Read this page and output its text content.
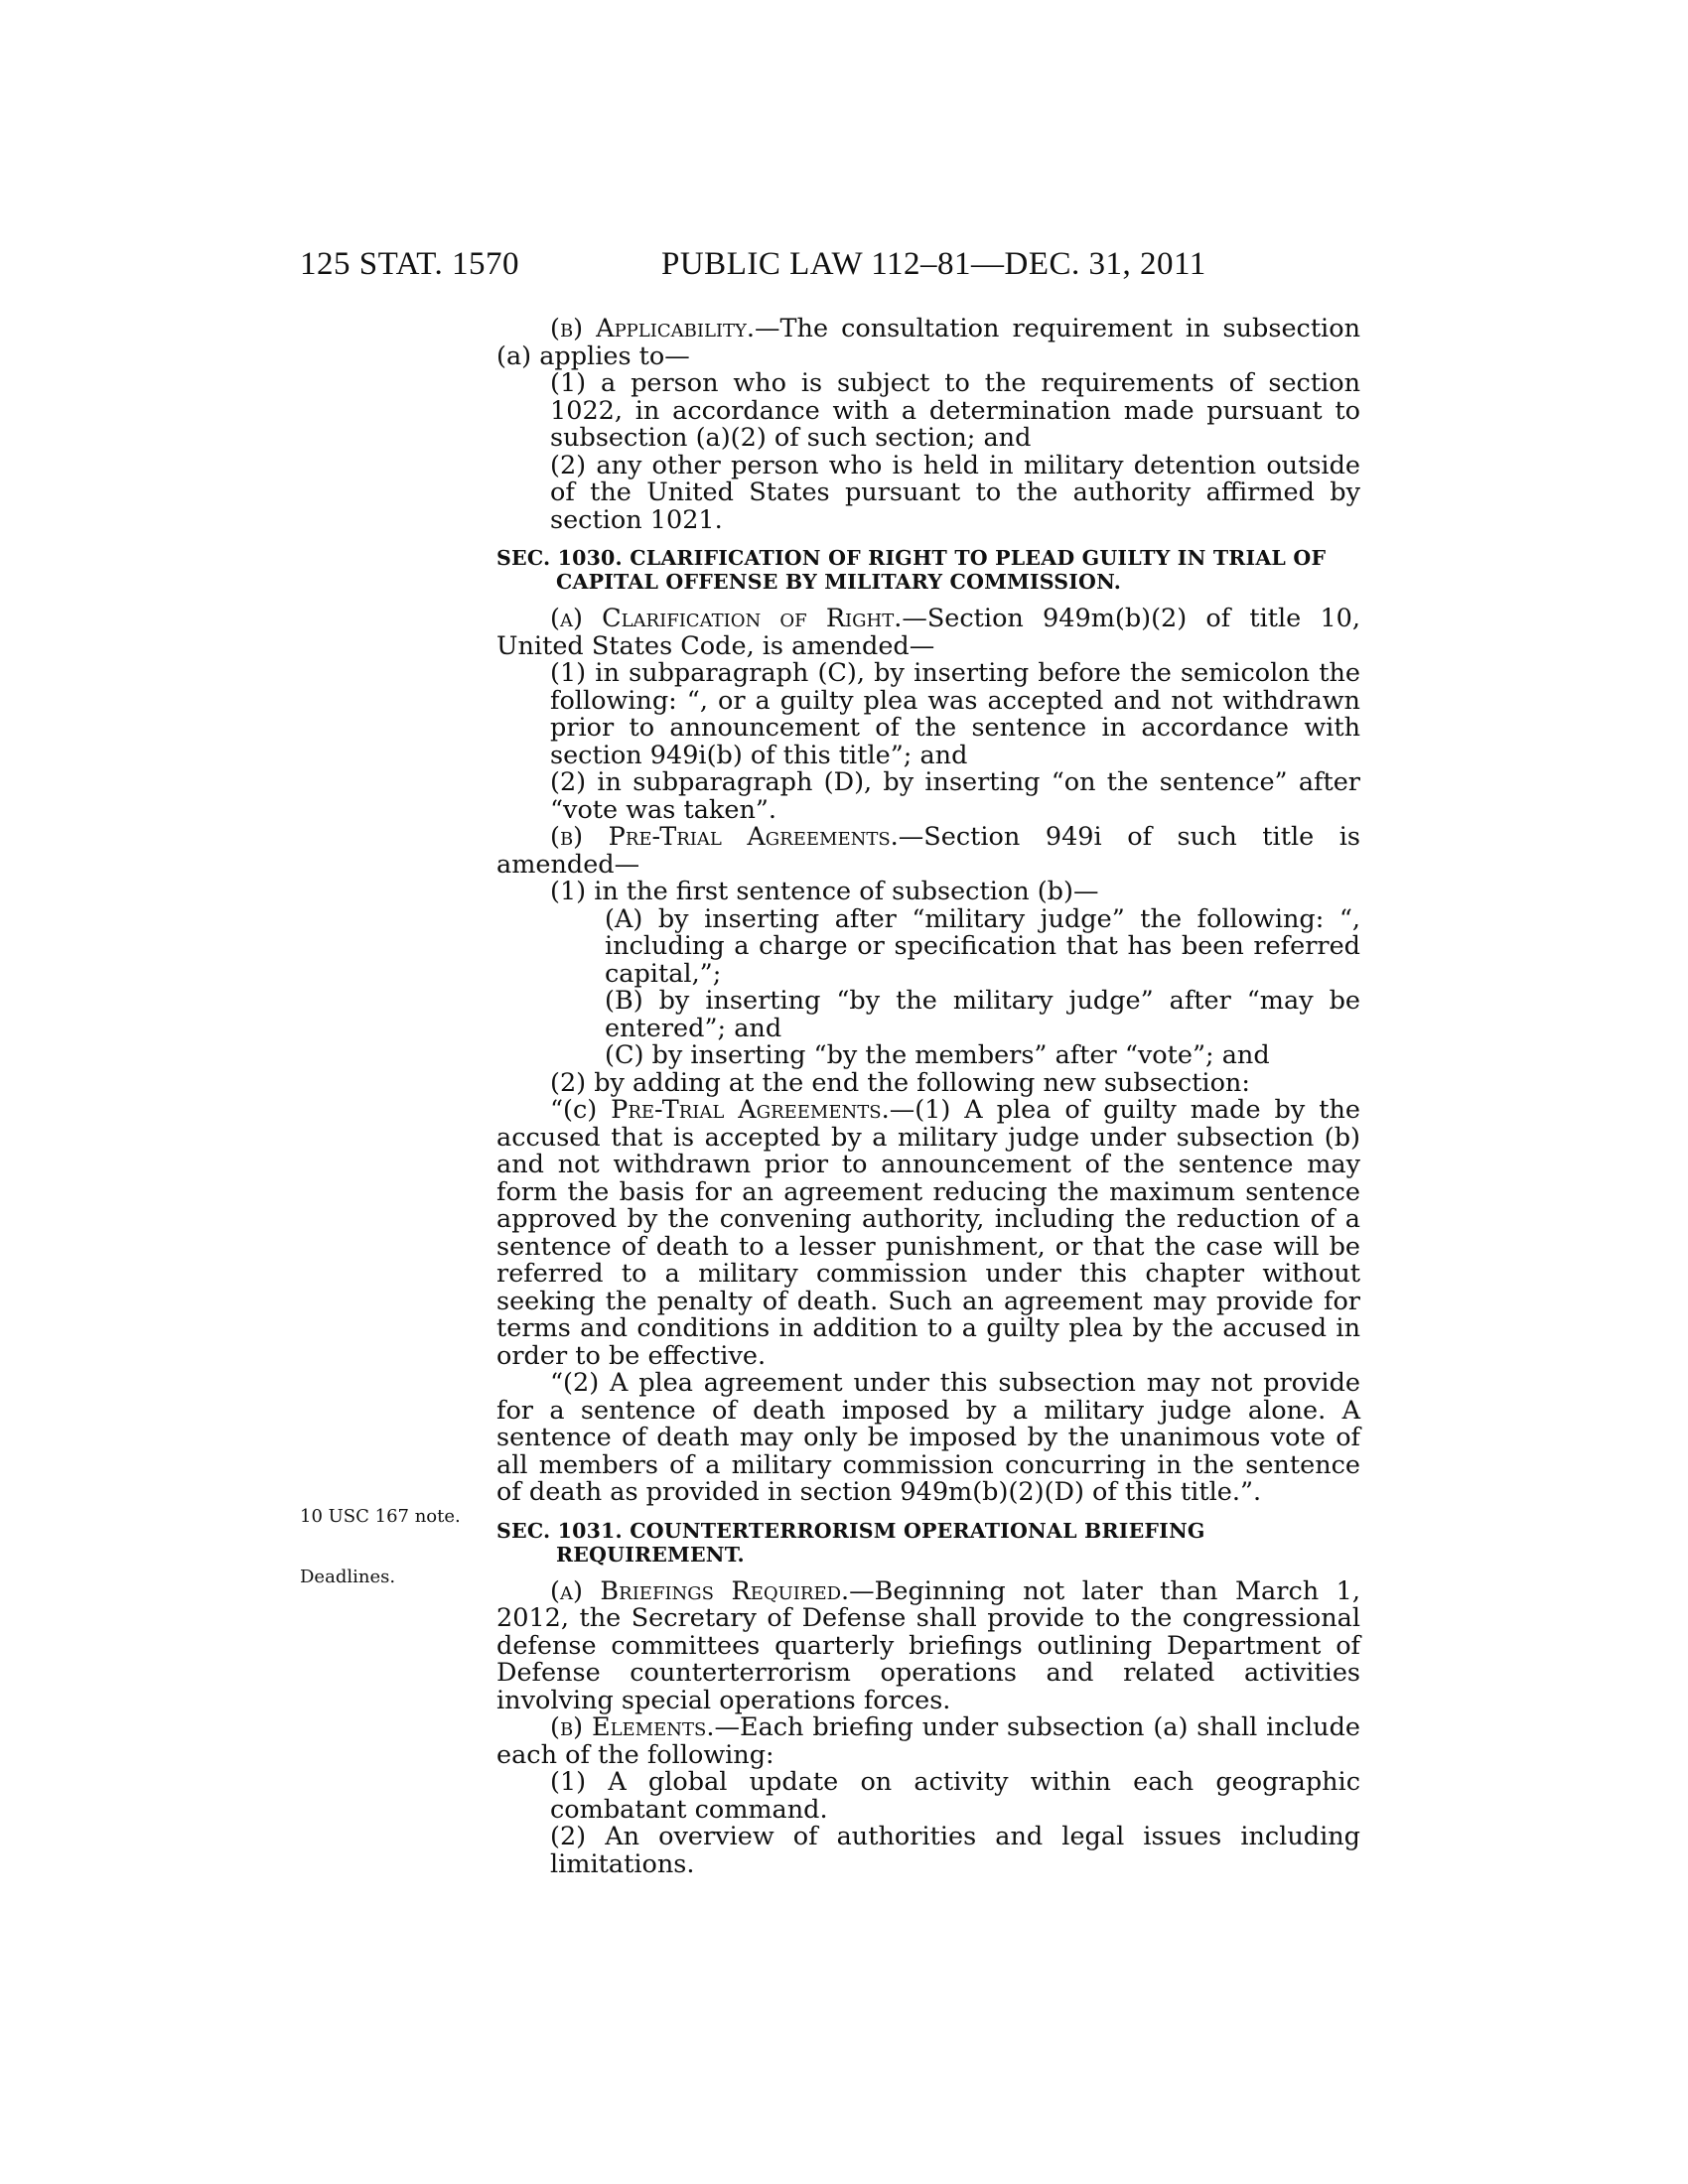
125 STAT. 1570	PUBLIC LAW 112–81—DEC. 31, 2011
10 USC 167 note.
Deadlines.

(b) Applicability.—The consultation requirement in subsection (a) applies to—

(1) a person who is subject to the requirements of section 1022, in accordance with a determination made pursuant to subsection (a)(2) of such section; and

(2) any other person who is held in military detention outside of the United States pursuant to the authority affirmed by section 1021.

SEC. 1030. CLARIFICATION OF RIGHT TO PLEAD GUILTY IN TRIAL OF CAPITAL OFFENSE BY MILITARY COMMISSION.

(a) Clarification of Right.—Section 949m(b)(2) of title 10, United States Code, is amended—

(1) in subparagraph (C), by inserting before the semicolon the following: “, or a guilty plea was accepted and not withdrawn prior to announcement of the sentence in accordance with section 949i(b) of this title”; and

(2) in subparagraph (D), by inserting “on the sentence” after “vote was taken”.

(b) Pre-Trial Agreements.—Section 949i of such title is amended—

(1) in the first sentence of subsection (b)—

(A) by inserting after “military judge” the following: “, including a charge or specification that has been referred capital,”;

(B) by inserting “by the military judge” after “may be entered”; and

(C) by inserting “by the members” after “vote”; and

(2) by adding at the end the following new subsection:

“(c) Pre-Trial Agreements.—(1) A plea of guilty made by the accused that is accepted by a military judge under subsection (b) and not withdrawn prior to announcement of the sentence may form the basis for an agreement reducing the maximum sentence approved by the convening authority, including the reduction of a sentence of death to a lesser punishment, or that the case will be referred to a military commission under this chapter without seeking the penalty of death. Such an agreement may provide for terms and conditions in addition to a guilty plea by the accused in order to be effective.

“(2) A plea agreement under this subsection may not provide for a sentence of death imposed by a military judge alone. A sentence of death may only be imposed by the unanimous vote of all members of a military commission concurring in the sentence of death as provided in section 949m(b)(2)(D) of this title.”.

SEC. 1031. COUNTERTERRORISM OPERATIONAL BRIEFING REQUIREMENT.

(a) Briefings Required.—Beginning not later than March 1, 2012, the Secretary of Defense shall provide to the congressional defense committees quarterly briefings outlining Department of Defense counterterrorism operations and related activities involving special operations forces.

(b) Elements.—Each briefing under subsection (a) shall include each of the following:

(1) A global update on activity within each geographic combatant command.

(2) An overview of authorities and legal issues including limitations.
